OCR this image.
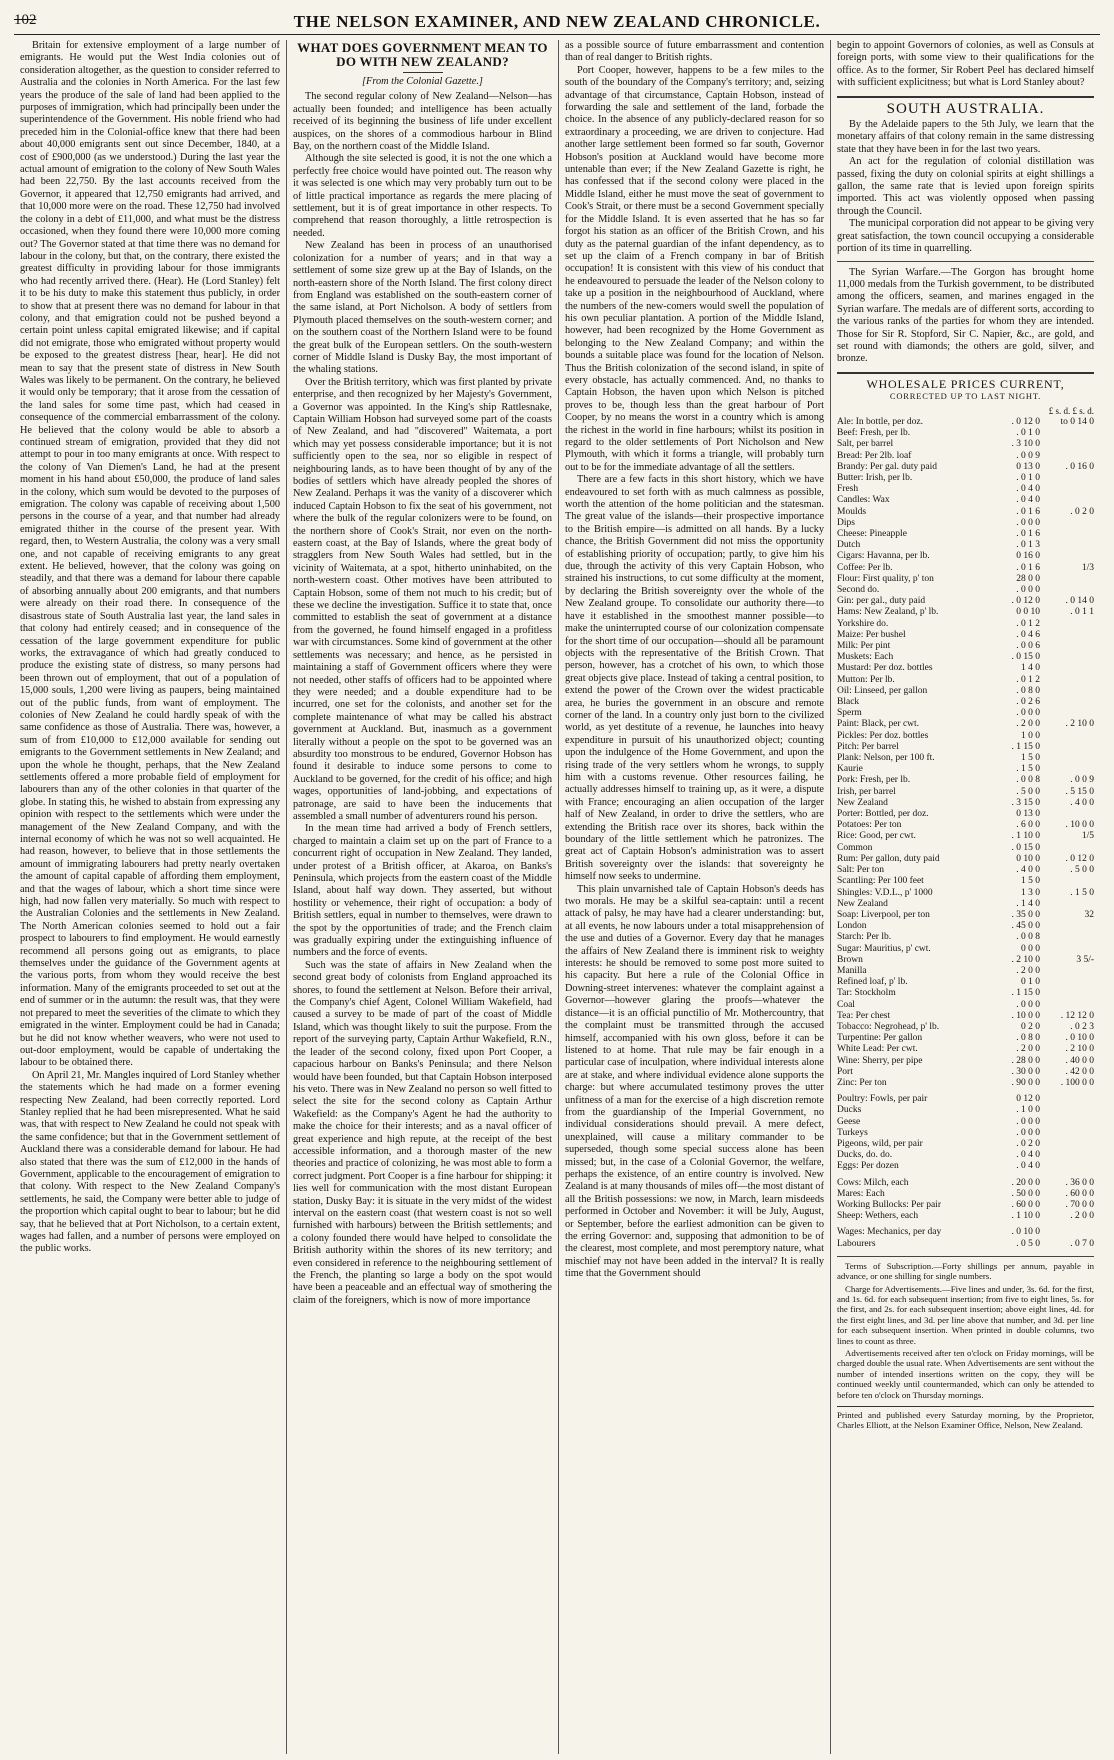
102	THE NELSON EXAMINER, AND NEW ZEALAND CHRONICLE.

Britain for extensive employment of a large number of emigrants. He would put the West India colonies out of consideration altogether, as the question to consider referred to Australia and the colonies in North America. For the last few years the produce of the sale of land had been applied to the purposes of immigration, which had principally been under the superintendence of the Government. His noble friend who had preceded him in the Colonial-office knew that there had been about 40,000 emigrants sent out since December, 1840, at a cost of £900,000 (as we understood.) During the last year the actual amount of emigration to the colony of New South Wales had been 22,750. By the last accounts received from the Governor, it appeared that 12,750 emigrants had arrived, and that 10,000 more were on the road. These 12,750 had involved the colony in a debt of £11,000, and what must be the distress occasioned, when they found there were 10,000 more coming out? The Governor stated at that time there was no demand for labour in the colony, but that, on the contrary, there existed the greatest difficulty in providing labour for those immigrants who had recently arrived there. (Hear). He (Lord Stanley) felt it to be his duty to make this statement thus publicly, in order to show that at present there was no demand for labour in that colony, and that emigration could not be pushed beyond a certain point unless capital emigrated likewise; and if capital did not emigrate, those who emigrated without property would be exposed to the greatest distress [hear, hear]. He did not mean to say that the present state of distress in New South Wales was likely to be permanent. On the contrary, he believed it would only be temporary; that it arose from the cessation of the land sales for some time past, which had ceased in consequence of the commercial embarrassment of the colony. He believed that the colony would be able to absorb a continued stream of emigration, provided that they did not attempt to pour in too many emigrants at once. With respect to the colony of Van Diemen's Land, he had at the present moment in his hand about £50,000, the produce of land sales in the colony, which sum would be devoted to the purposes of emigration. The colony was capable of receiving about 1,500 persons in the course of a year, and that number had already emigrated thither in the course of the present year. With regard, then, to Western Australia, the colony was a very small one, and not capable of receiving emigrants to any great extent. He believed, however, that the colony was going on steadily, and that there was a demand for labour there capable of absorbing annually about 200 emigrants, and that numbers were already on their road there. In consequence of the disastrous state of South Australia last year, the land sales in that colony had entirely ceased; and in consequence of the cessation of the large government expenditure for public works, the extravagance of which had greatly conduced to produce the existing state of distress, so many persons had been thrown out of employment, that out of a population of 15,000 souls, 1,200 were living as paupers, being maintained out of the public funds, from want of employment. The colonies of New Zealand he could hardly speak of with the same confidence as those of Australia. There was, however, a sum of from £10,000 to £12,000 available for sending out emigrants to the Government settlements in New Zealand; and upon the whole he thought, perhaps, that the New Zealand settlements offered a more probable field of employment for labourers than any of the other colonies in that quarter of the globe. In stating this, he wished to abstain from expressing any opinion with respect to the settlements which were under the management of the New Zealand Company, and with the internal economy of which he was not so well acquainted. He had reason, however, to believe that in those settlements the amount of immigrating labourers had pretty nearly overtaken the amount of capital capable of affording them employment, and that the wages of labour, which a short time since were high, had now fallen very materially. So much with respect to the Australian Colonies and the settlements in New Zealand. The North American colonies seemed to hold out a fair prospect to labourers to find employment. He would earnestly recommend all persons going out as emigrants, to place themselves under the guidance of the Government agents at the various ports, from whom they would receive the best information. Many of the emigrants proceeded to set out at the end of summer or in the autumn: the result was, that they were not prepared to meet the severities of the climate to which they emigrated in the winter. Employment could be had in Canada; but he did not know whether weavers, who were not used to out-door employment, would be capable of undertaking the labour to be obtained there.

On April 21, Mr. Mangles inquired of Lord Stanley whether the statements which he had made on a former evening respecting New Zealand, had been correctly reported. Lord Stanley replied that he had been misrepresented. What he said was, that with respect to New Zealand he could not speak with the same confidence; but that in the Government settlement of Auckland there was a considerable demand for labour. He had also stated that there was the sum of £12,000 in the hands of Government, applicable to the encouragement of emigration to that colony. With respect to the New Zealand Company's settlements, he said, the Company were better able to judge of the proportion which capital ought to bear to labour; but he did say, that he believed that at Port Nicholson, to a certain extent, wages had fallen, and a number of persons were employed on the public works.

WHAT DOES GOVERNMENT MEAN TO DO WITH NEW ZEALAND?
[From the Colonial Gazette.]

The second regular colony of New Zealand—Nelson—has actually been founded; and intelligence has been actually received of its beginning the business of life under excellent auspices, on the shores of a commodious harbour in Blind Bay, on the northern coast of the Middle Island.

Although the site selected is good, it is not the one which a perfectly free choice would have pointed out. The reason why it was selected is one which may very probably turn out to be of little practical importance as regards the mere placing of settlement, but it is of great importance in other respects. To comprehend that reason thoroughly, a little retrospection is needed.

New Zealand has been in process of an unauthorised colonization for a number of years; and in that way a settlement of some size grew up at the Bay of Islands, on the north-eastern shore of the North Island. The first colony direct from England was established on the south-eastern corner of the same island, at Port Nicholson. A body of settlers from Plymouth placed themselves on the south-western corner; and on the southern coast of the Northern Island were to be found the great bulk of the European settlers. On the south-western corner of Middle Island is Dusky Bay, the most important of the whaling stations.

Over the British territory, which was first planted by private enterprise, and then recognized by her Majesty's Government, a Governor was appointed. In the King's ship Rattlesnake, Captain William Hobson had surveyed some part of the coasts of New Zealand, and had "discovered" Waitemata, a port which may yet possess considerable importance; but it is not sufficiently open to the sea, nor so eligible in respect of neighbouring lands, as to have been thought of by any of the bodies of settlers which have already peopled the shores of New Zealand. Perhaps it was the vanity of a discoverer which induced Captain Hobson to fix the seat of his government, not where the bulk of the regular colonizers were to be found, on the northern shore of Cook's Strait, nor even on the north-eastern coast, at the Bay of Islands, where the great body of stragglers from New South Wales had settled, but in the vicinity of Waitemata, at a spot, hitherto uninhabited, on the north-western coast. Other motives have been attributed to Captain Hobson, some of them not much to his credit; but of these we decline the investigation. Suffice it to state that, once committed to establish the seat of government at a distance from the governed, he found himself engaged in a profitless war with circumstances. Some kind of government at the other settlements was necessary; and hence, as he persisted in maintaining a staff of Government officers where they were not needed, other staffs of officers had to be appointed where they were needed; and a double expenditure had to be incurred, one set for the colonists, and another set for the complete maintenance of what may be called his abstract government at Auckland. But, inasmuch as a government literally without a people on the spot to be governed was an absurdity too monstrous to be endured, Governor Hobson has found it desirable to induce some persons to come to Auckland to be governed, for the credit of his office; and high wages, opportunities of land-jobbing, and expectations of patronage, are said to have been the inducements that assembled a small number of adventurers round his person.

In the mean time had arrived a body of French settlers, charged to maintain a claim set up on the part of France to a concurrent right of occupation in New Zealand. They landed, under protest of a British officer, at Akaroa, on Banks's Peninsula, which projects from the eastern coast of the Middle Island, about half way down. They asserted, but without hostility or vehemence, their right of occupation: a body of British settlers, equal in number to themselves, were drawn to the spot by the opportunities of trade; and the French claim was gradually expiring under the extinguishing influence of numbers and the force of events.

Such was the state of affairs in New Zealand when the second great body of colonists from England approached its shores, to found the settlement at Nelson. Before their arrival, the Company's chief Agent, Colonel William Wakefield, had caused a survey to be made of part of the coast of Middle Island, which was thought likely to suit the purpose. From the report of the surveying party, Captain Arthur Wakefield, R.N., the leader of the second colony, fixed upon Port Cooper, a capacious harbour on Banks's Peninsula; and there Nelson would have been founded, but that Captain Hobson interposed his veto. There was in New Zealand no person so well fitted to select the site for the second colony as Captain Arthur Wakefield: as the Company's Agent he had the authority to make the choice for their interests; and as a naval officer of great experience and high repute, at the receipt of the best accessible information, and a thorough master of the new theories and practice of colonizing, he was most able to form a correct judgment. Port Cooper is a fine harbour for shipping: it lies well for communication with the most distant European station, Dusky Bay: it is situate in the very midst of the widest interval on the eastern coast (that western coast is not so well furnished with harbours) between the British settlements; and a colony founded there would have helped to consolidate the British authority within the shores of its new territory; and even considered in reference to the neighbouring settlement of the French, the planting so large a body on the spot would have been a peaceable and an effectual way of smothering the claim of the foreigners, which is now of more importance

as a possible source of future embarrassment and contention than of real danger to British rights.

Port Cooper, however, happens to be a few miles to the south of the boundary of the Company's territory; and, seizing advantage of that circumstance, Captain Hobson, instead of forwarding the sale and settlement of the land, forbade the choice. In the absence of any publicly-declared reason for so extraordinary a proceeding, we are driven to conjecture. Had another large settlement been formed so far south, Governor Hobson's position at Auckland would have become more untenable than ever; if the New Zealand Gazette is right, he has confessed that if the second colony were placed in the Middle Island, either he must move the seat of government to Cook's Strait, or there must be a second Government specially for the Middle Island. It is even asserted that he has so far forgot his station as an officer of the British Crown, and his duty as the paternal guardian of the infant dependency, as to set up the claim of a French company in bar of British occupation! It is consistent with this view of his conduct that he endeavoured to persuade the leader of the Nelson colony to take up a position in the neighbourhood of Auckland, where the numbers of the new-comers would swell the population of his own peculiar plantation. A portion of the Middle Island, however, had been recognized by the Home Government as belonging to the New Zealand Company; and within the bounds a suitable place was found for the location of Nelson. Thus the British colonization of the second island, in spite of every obstacle, has actually commenced. And, no thanks to Captain Hobson, the haven upon which Nelson is pitched proves to be, though less than the great harbour of Port Cooper, by no means the worst in a country which is among the richest in the world in fine harbours; whilst its position in regard to the older settlements of Port Nicholson and New Plymouth, with which it forms a triangle, will probably turn out to be for the immediate advantage of all the settlers.

There are a few facts in this short history, which we have endeavoured to set forth with as much calmness as possible, worth the attention of the home politician and the statesman. The great value of the islands—their prospective importance to the British empire—is admitted on all hands. By a lucky chance, the British Government did not miss the opportunity of establishing priority of occupation; partly, to give him his due, through the activity of this very Captain Hobson, who strained his instructions, to cut some difficulty at the moment, by declaring the British sovereignty over the whole of the New Zealand groupe. To consolidate our authority there—to have it established in the smoothest manner possible—to make the uninterrupted course of our colonization compensate for the short time of our occupation—should all be paramount objects with the representative of the British Crown. That person, however, has a crotchet of his own, to which those great objects give place. Instead of taking a central position, to extend the power of the Crown over the widest practicable area, he buries the government in an obscure and remote corner of the land. In a country only just born to the civilized world, as yet destitute of a revenue, he launches into heavy expenditure in pursuit of his unauthorized object; counting upon the indulgence of the Home Government, and upon the rising trade of the very settlers whom he wrongs, to supply him with a customs revenue. Other resources failing, he actually addresses himself to training up, as it were, a dispute with France; encouraging an alien occupation of the larger half of New Zealand, in order to drive the settlers, who are extending the British race over its shores, back within the boundary of the little settlement which he patronizes. The great act of Captain Hobson's administration was to assert British sovereignty over the islands: that sovereignty he himself now seeks to undermine.

This plain unvarnished tale of Captain Hobson's deeds has two morals. He may be a skilful sea-captain: until a recent attack of palsy, he may have had a clearer understanding: but, at all events, he now labours under a total misapprehension of the use and duties of a Governor. Every day that he manages the affairs of New Zealand there is imminent risk to weighty interests: he should be removed to some post more suited to his capacity. But here a rule of the Colonial Office in Downing-street intervenes: whatever the complaint against a Governor—however glaring the proofs—whatever the distance—it is an official punctilio of Mr. Mothercountry, that the complaint must be transmitted through the accused himself, accompanied with his own gloss, before it can be listened to at home. That rule may be fair enough in a particular case of inculpation, where individual interests alone are at stake, and where individual evidence alone supports the charge: but where accumulated testimony proves the utter unfitness of a man for the exercise of a high discretion remote from the guardianship of the Imperial Government, no individual considerations should prevail. A mere defect, unexplained, will cause a military commander to be superseded, though some special success alone has been missed; but, in the case of a Colonial Governor, the welfare, perhaps the existence, of an entire country is involved. New Zealand is at many thousands of miles off—the most distant of all the British possessions: we now, in March, learn misdeeds performed in October and November: it will be July, August, or September, before the earliest admonition can be given to the erring Governor: and, supposing that admonition to be of the clearest, most complete, and most peremptory nature, what mischief may not have been added in the interval? It is really time that the Government should

begin to appoint Governors of colonies, as well as Consuls at foreign ports, with some view to their qualifications for the office. As to the former, Sir Robert Peel has declared himself with sufficient explicitness; but what is Lord Stanley about?

SOUTH AUSTRALIA.

By the Adelaide papers to the 5th July, we learn that the monetary affairs of that colony remain in the same distressing state that they have been in for the last two years.

An act for the regulation of colonial distillation was passed, fixing the duty on colonial spirits at eight shillings a gallon, the same rate that is levied upon foreign spirits imported. This act was violently opposed when passing through the Council.

The municipal corporation did not appear to be giving very great satisfaction, the town council occupying a considerable portion of its time in quarrelling.

The Syrian Warfare.—The Gorgon has brought home 11,000 medals from the Turkish government, to be distributed among the officers, seamen, and marines engaged in the Syrian warfare. The medals are of different sorts, according to the various ranks of the parties for whom they are intended. Those for Sir R. Stopford, Sir C. Napier, &c., are gold, and set round with diamonds; the others are gold, silver, and bronze.

WHOLESALE PRICES CURRENT,
CORRECTED UP TO LAST NIGHT.
£ s. d. £ s. d.
Ale: In bottle, per doz.	. 0 12 0	to 0 14 0
Beef: Fresh, per lb.	. 0 1 0	
Salt, per barrel	. 3 10 0	
Bread: Per 2lb. loaf	. 0 0 9	
Brandy: Per gal. duty paid	0 13 0	. 0 16 0
Butter: Irish, per lb.	. 0 1 0	
Fresh	. 0 4 0	
Candles: Wax	. 0 4 0	
Moulds	. 0 1 6	. 0 2 0
Dips	. 0 0 0	
Cheese: Pineapple	. 0 1 6	
Dutch	. 0 1 3	
Cigars: Havanna, per lb.	0 16 0	
Coffee: Per lb.	. 0 1 6	1/3
Flour: First quality, p' ton	28 0 0	
Second do.	. 0 0 0	
Gin: per gal., duty paid	. 0 12 0	. 0 14 0
Hams: New Zealand, p' lb.	0 0 10	. 0 1 1
Yorkshire do.	. 0 1 2	
Maize: Per bushel	. 0 4 6	
Milk: Per pint	. 0 0 6	
Muskets: Each	. 0 15 0	
Mustard: Per doz. bottles	1 4 0	
Mutton: Per lb.	. 0 1 2	
Oil: Linseed, per gallon	. 0 8 0	
Black	. 0 2 6	
Sperm	. 0 0 0	
Paint: Black, per cwt.	. 2 0 0	. 2 10 0
Pickles: Per doz. bottles	1 0 0	
Pitch: Per barrel	. 1 15 0	
Plank: Nelson, per 100 ft.	1 5 0	
Kaurie	. 1 5 0	
Pork: Fresh, per lb.	. 0 0 8	. 0 0 9
Irish, per barrel	. 5 0 0	. 5 15 0
New Zealand	. 3 15 0	. 4 0 0
Porter: Bottled, per doz.	0 13 0	
Potatoes: Per ton	. 6 0 0	. 10 0 0
Rice: Good, per cwt.	. 1 10 0	1/5
Common	. 0 15 0	
Rum: Per gallon, duty paid	0 10 0	. 0 12 0
Salt: Per ton	. 4 0 0	. 5 0 0
Scantling: Per 100 feet	1 5 0	
Shingles: V.D.L., p' 1000	1 3 0	. 1 5 0
New Zealand	. 1 4 0	
Soap: Liverpool, per ton	. 35 0 0	32
London	. 45 0 0	
Starch: Per lb.	. 0 0 8	
Sugar: Mauritius, p' cwt.	0 0 0	
Brown	. 2 10 0	3 5/-
Manilla	. 2 0 0	
Refined loaf, p' lb.	0 1 0	
Tar: Stockholm	. 1 15 0	
Coal	. 0 0 0	
Tea: Per chest	. 10 0 0	. 12 12 0
Tobacco: Negrohead, p' lb.	0 2 0	. 0 2 3
Turpentine: Per gallon	. 0 8 0	. 0 10 0
White Lead: Per cwt.	. 2 0 0	. 2 10 0
Wine: Sherry, per pipe	. 28 0 0	. 40 0 0
Port	. 30 0 0	. 42 0 0
Zinc: Per ton	. 90 0 0	. 100 0 0

Poultry: Fowls, per pair	0 12 0	
Ducks	. 1 0 0	
Geese	. 0 0 0	
Turkeys	. 0 0 0	
Pigeons, wild, per pair	. 0 2 0	
Ducks, do. do.	. 0 4 0	
Eggs: Per dozen	. 0 4 0	

Cows: Milch, each	. 20 0 0	. 36 0 0
Mares: Each	. 50 0 0	. 60 0 0
Working Bullocks: Per pair	. 60 0 0	. 70 0 0
Sheep: Wethers, each	. 1 10 0	. 2 0 0

Wages: Mechanics, per day	. 0 10 0	
Labourers	. 0 5 0	. 0 7 0

Terms of Subscription.—Forty shillings per annum, payable in advance, or one shilling for single numbers.

Charge for Advertisements.—Five lines and under, 3s. 6d. for the first, and 1s. 6d. for each subsequent insertion; from five to eight lines, 5s. for the first, and 2s. for each subsequent insertion; above eight lines, 4d. for the first eight lines, and 3d. per line above that number, and 3d. per line for each subsequent insertion. When printed in double columns, two lines to count as three.

Advertisements received after ten o'clock on Friday mornings, will be charged double the usual rate. When Advertisements are sent without the number of intended insertions written on the copy, they will be continued weekly until countermanded, which can only be attended to before ten o'clock on Thursday mornings.

Printed and published every Saturday morning, by the Proprietor, Charles Elliott, at the Nelson Examiner Office, Nelson, New Zealand.
